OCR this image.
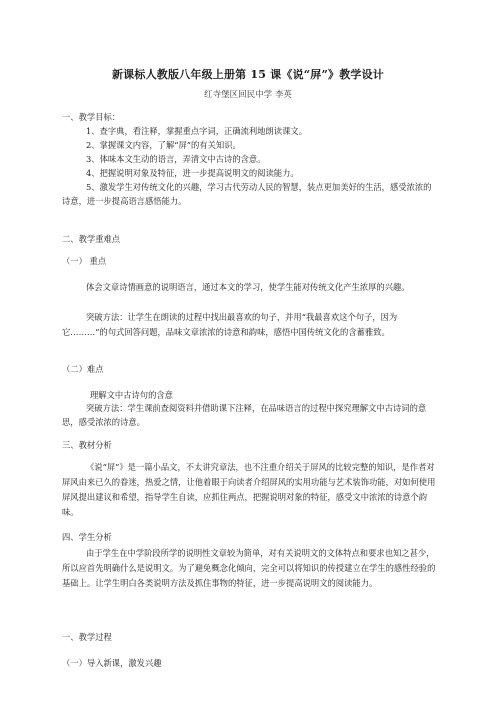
新课标人教版八年级上册第 15 课《说“屏”》教学设计
红寺堡区回民中学 李英
一、教学目标：
1、查字典，看注释，掌握重点字词，正确流利地朗读课文。
2、掌握课文内容，了解“屏”的有关知识。
3、体味本文生动的语言，弄清文中古诗的含意。
4、把握说明对象及特征，进一步提高说明文的阅读能力。
5、激发学生对传统文化的兴趣，学习古代劳动人民的智慧，装点更加美好的生活，感受浓浓的诗意，进一步提高语言感悟能力。
二、教学重难点
（一） 重点
体会文章诗情画意的说明语言，通过本文的学习，使学生能对传统文化产生浓厚的兴趣。
突破方法：让学生在朗读的过程中找出最喜欢的句子，并用“我最喜欢这个句子，因为它………”的句式回答问题，品味文章浓浓的诗意和韵味，感悟中国传统文化的含蓄雅致。
（二）难点
理解文中古诗句的含意
突破方法：学生课前查阅资料并借助课下注释，在品味语言的过程中探究理解文中古诗词的意思，感受浓浓的诗意。
三、教材分析
《说“屏”》是一篇小品文，不太讲究章法，也不注重介绍关于屏风的比较完整的知识，是作者对屏风由来已久的眷迷，热爱之情，让他着眼于向读者介绍屏风的实用功能与艺术装饰功能，对如何使用屏风提出建议和希望，指导学生自读，应抓住两点，把握说明对象的特征，感受文中浓浓的诗意个韵味。
四、学生分析
由于学生在中学阶段所学的说明性文章较为简单，对有关说明文的文体特点和要求也知之甚少，所以应首先明确什么是说明文。为了避免概念化倾向，完全可以将知识的传授建立在学生的感性经验的基础上。让学生明白各类说明方法及抓住事物的特征，进一步提高说明文的阅读能力。
一、教学过程
（一）导入新课，激发兴趣
